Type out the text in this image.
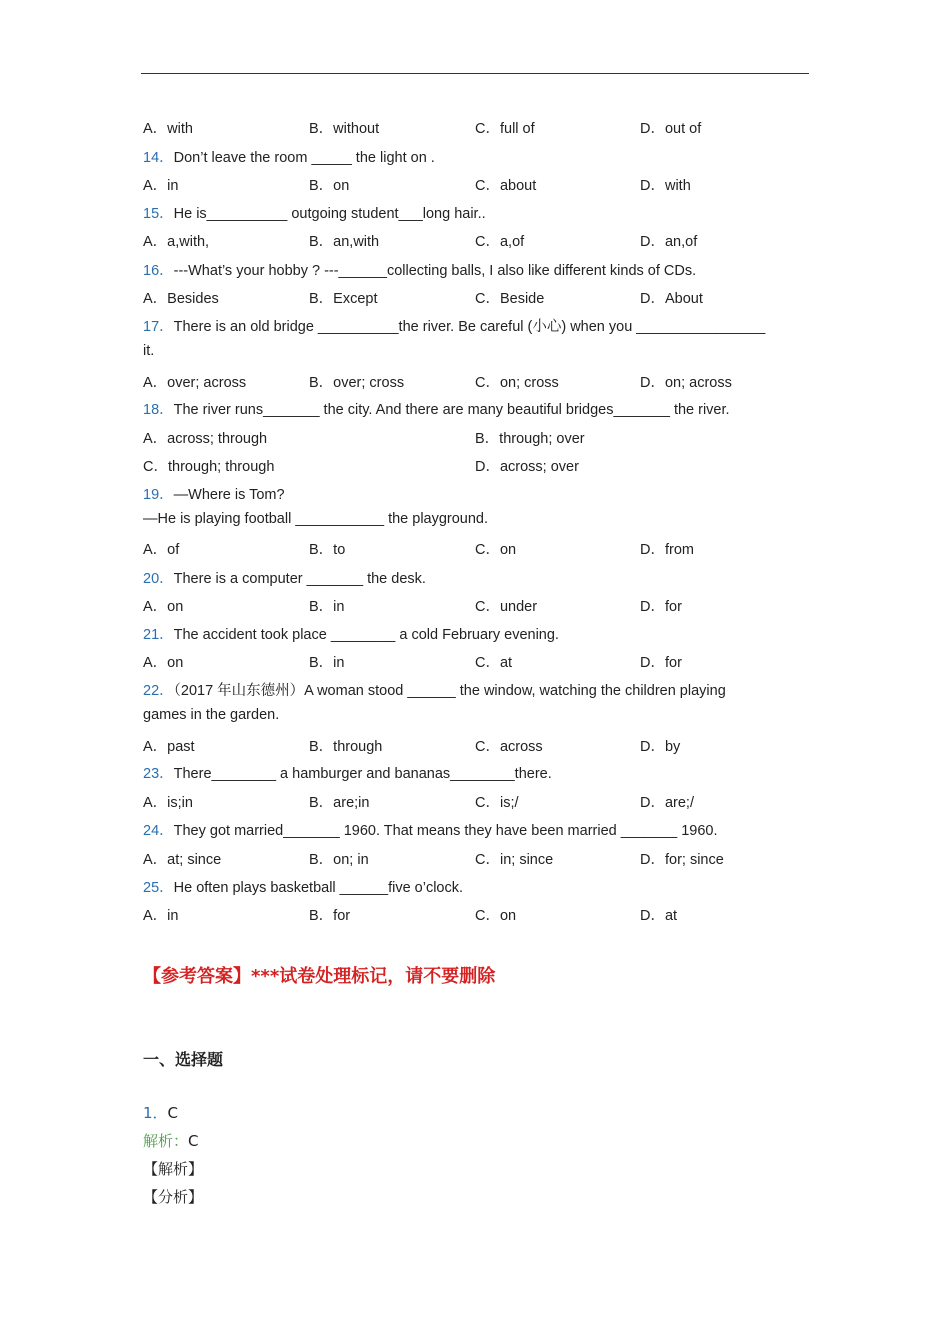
A．with	B．without	C．full of	D．out of
14．Don’t leave the room _____ the light on .
A．in	B．on	C．about	D．with
15．He is__________ outgoing student___long hair..
A．a,with,	B．an,with	C．a,of	D．an,of
16．---What’s your hobby ? ---______collecting balls, I also like different kinds of CDs.
A．Besides	B．Except	C．Beside	D．About
17．There is an old bridge __________the river. Be careful (小心) when you ________________
it.
A．over; across	B．over; cross	C．on; cross	D．on; across
18．The river runs_______ the city. And there are many beautiful bridges_______ the river.
A．across; through	B．through; over
C．through; through	D．across; over
19．—Where is Tom?
—He is playing football ___________ the playground.
A．of	B．to	C．on	D．from
20．There is a computer _______ the desk.
A．on	B．in	C．under	D．for
21．The accident took place ________ a cold February evening.
A．on	B．in	C．at	D．for
22．（2017 年山东德州）A woman stood ______ the window, watching the children playing
games in the garden.
A．past	B．through	C．across	D．by
23．There________ a hamburger and bananas________there.
A．is;in	B．are;in	C．is;/	D．are;/
24．They got married_______ 1960. That means they have been married _______ 1960.
A．at; since	B．on; in	C．in; since	D．for; since
25．He often plays basketball ______five o’clock.
A．in	B．for	C．on	D．at
【参考答案】***试卷处理标记，请不要删除
一、选择题
1．C
解析：C
【解析】
【分析】
